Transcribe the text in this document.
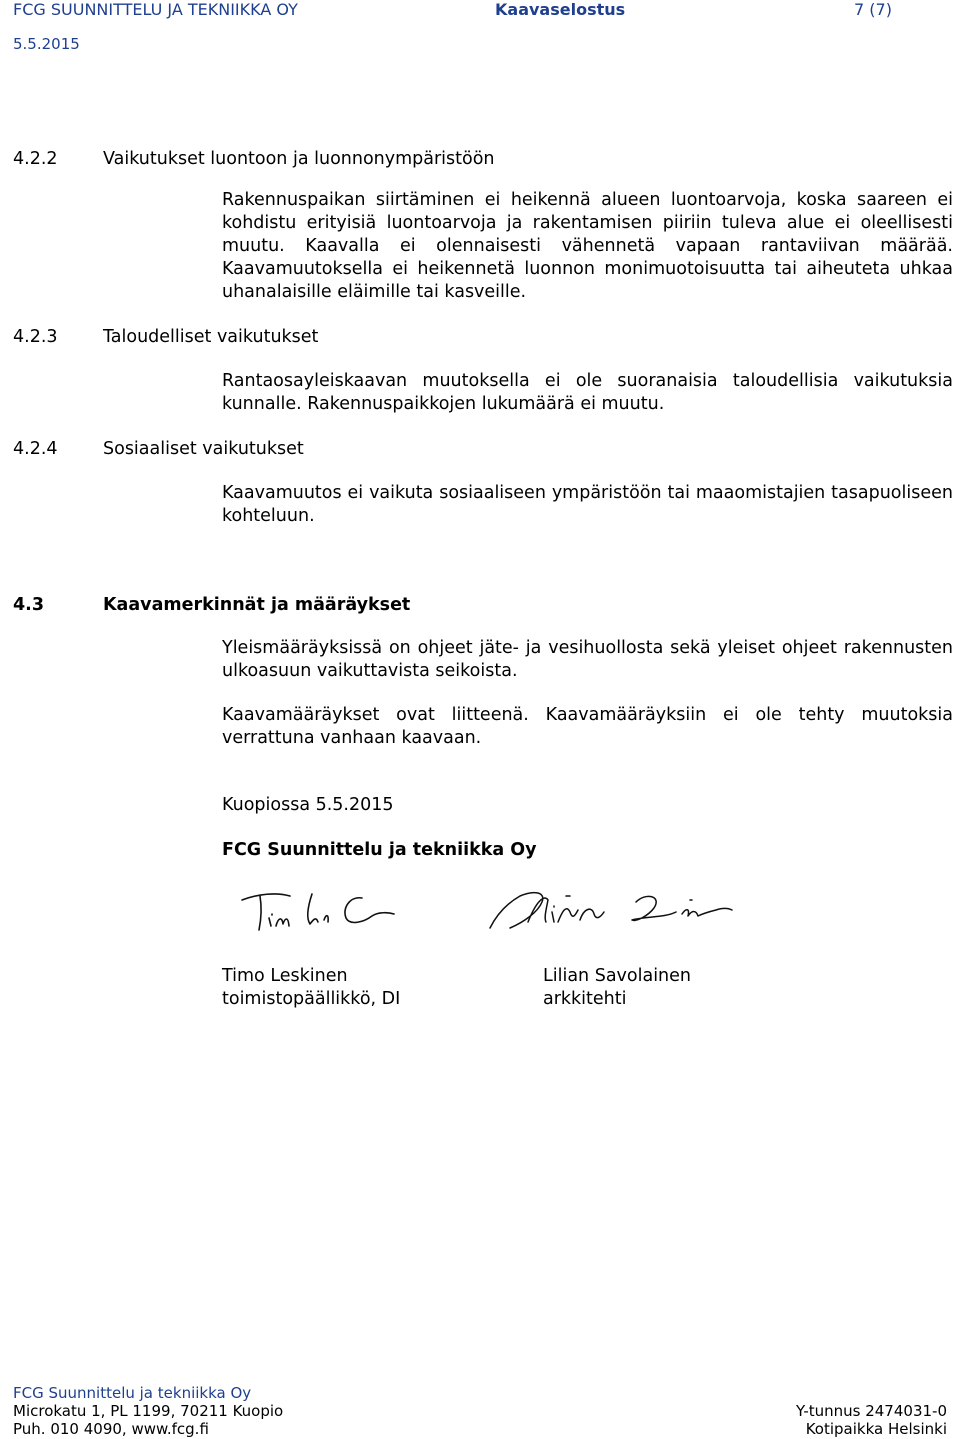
FCG SUUNNITTELU JA TEKNIIKKA OY	Kaavaselostus	7 (7)
5.5.2015
4.2.2	Vaikutukset luontoon ja luonnonympäristöön

Rakennuspaikan siirtäminen ei heikennä alueen luontoarvoja, koska saareen ei kohdistu erityisiä luontoarvoja ja rakentamisen piiriin tuleva alue ei oleellisesti muutu. Kaavalla ei olennaisesti vähennetä vapaan rantaviivan määrää. Kaavamuutoksella ei heikennetä luonnon monimuotoisuutta tai aiheuteta uhkaa uhanalaisille eläimille tai kasveille.

4.2.3	Taloudelliset vaikutukset

Rantaosayleiskaavan muutoksella ei ole suoranaisia taloudellisia vaikutuksia kunnalle. Rakennuspaikkojen lukumäärä ei muutu.

4.2.4	Sosiaaliset vaikutukset

Kaavamuutos ei vaikuta sosiaaliseen ympäristöön tai maaomistajien tasapuoliseen kohteluun.

4.3	Kaavamerkinnät ja määräykset

Yleismääräyksissä on ohjeet jäte- ja vesihuollosta sekä yleiset ohjeet rakennusten ulkoasuun vaikuttavista seikoista.

Kaavamääräykset ovat liitteenä. Kaavamääräyksiin ei ole tehty muutoksia verrattuna vanhaan kaavaan.

Kuopiossa 5.5.2015
FCG Suunnittelu ja tekniikka Oy
Timo Leskinen
toimistopäällikkö, DI
Lilian Savolainen
arkkitehti
FCG Suunnittelu ja tekniikka Oy
Microkatu 1, PL 1199, 70211 Kuopio
Puh. 010 4090, www.fcg.fi
Y-tunnus 2474031-0
Kotipaikka Helsinki
